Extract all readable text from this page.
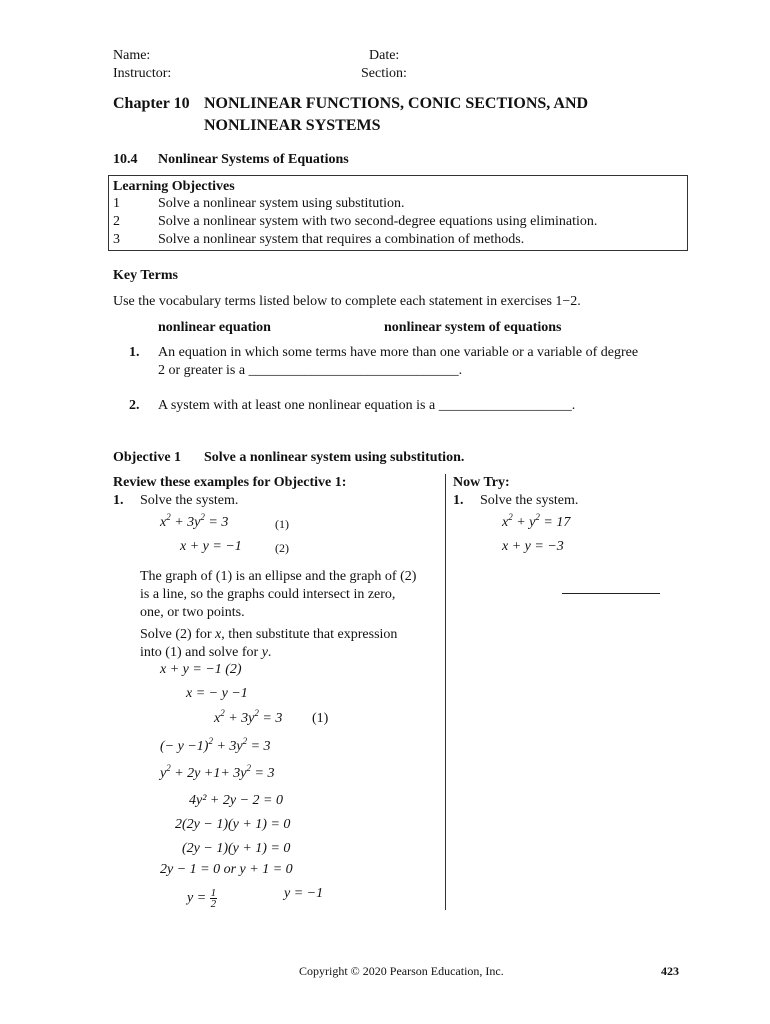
Name:
Instructor:
Date:
Section:
Chapter 10 NONLINEAR FUNCTIONS, CONIC SECTIONS, AND
NONLINEAR SYSTEMS
10.4 Nonlinear Systems of Equations
Learning Objectives
1	Solve a nonlinear system using substitution.
2	Solve a nonlinear system with two second-degree equations using elimination.
3	Solve a nonlinear system that requires a combination of methods.
Key Terms
Use the vocabulary terms listed below to complete each statement in exercises 1−2.
nonlinear equation	nonlinear system of equations
1. An equation in which some terms have more than one variable or a variable of degree
2 or greater is a ______________________________.
2. A system with at least one nonlinear equation is a ___________________.
Objective 1 Solve a nonlinear system using substitution.
Review these examples for Objective 1:
1. Solve the system.
$x^2 + 3y^2 = 3$	(1)
x + y = −1	(2)
The graph of (1) is an ellipse and the graph of (2)
is a line, so the graphs could intersect in zero,
one, or two points.
Solve (2) for x, then substitute that expression
into (1) and solve for y.
x + y = −1 (2)
x = − y −1
$x^2 + 3y^2 = 3$ (1)
(− $y -1)^2 + 3y^2 = 3$
$y^2 + 2y +1+ 3y^2 = 3$
4y² + 2y − 2 = 0
2(2y − 1)(y + 1) = 0
(2y − 1)(y + 1) = 0
2y − 1 = 0 or y + 1 = 0
$y = \frac{1}{2}$	y = −1
Now Try:
1. Solve the system.
$x^2 + y^2 = 17$
x + y = −3
Copyright © 2020 Pearson Education, Inc.	423
